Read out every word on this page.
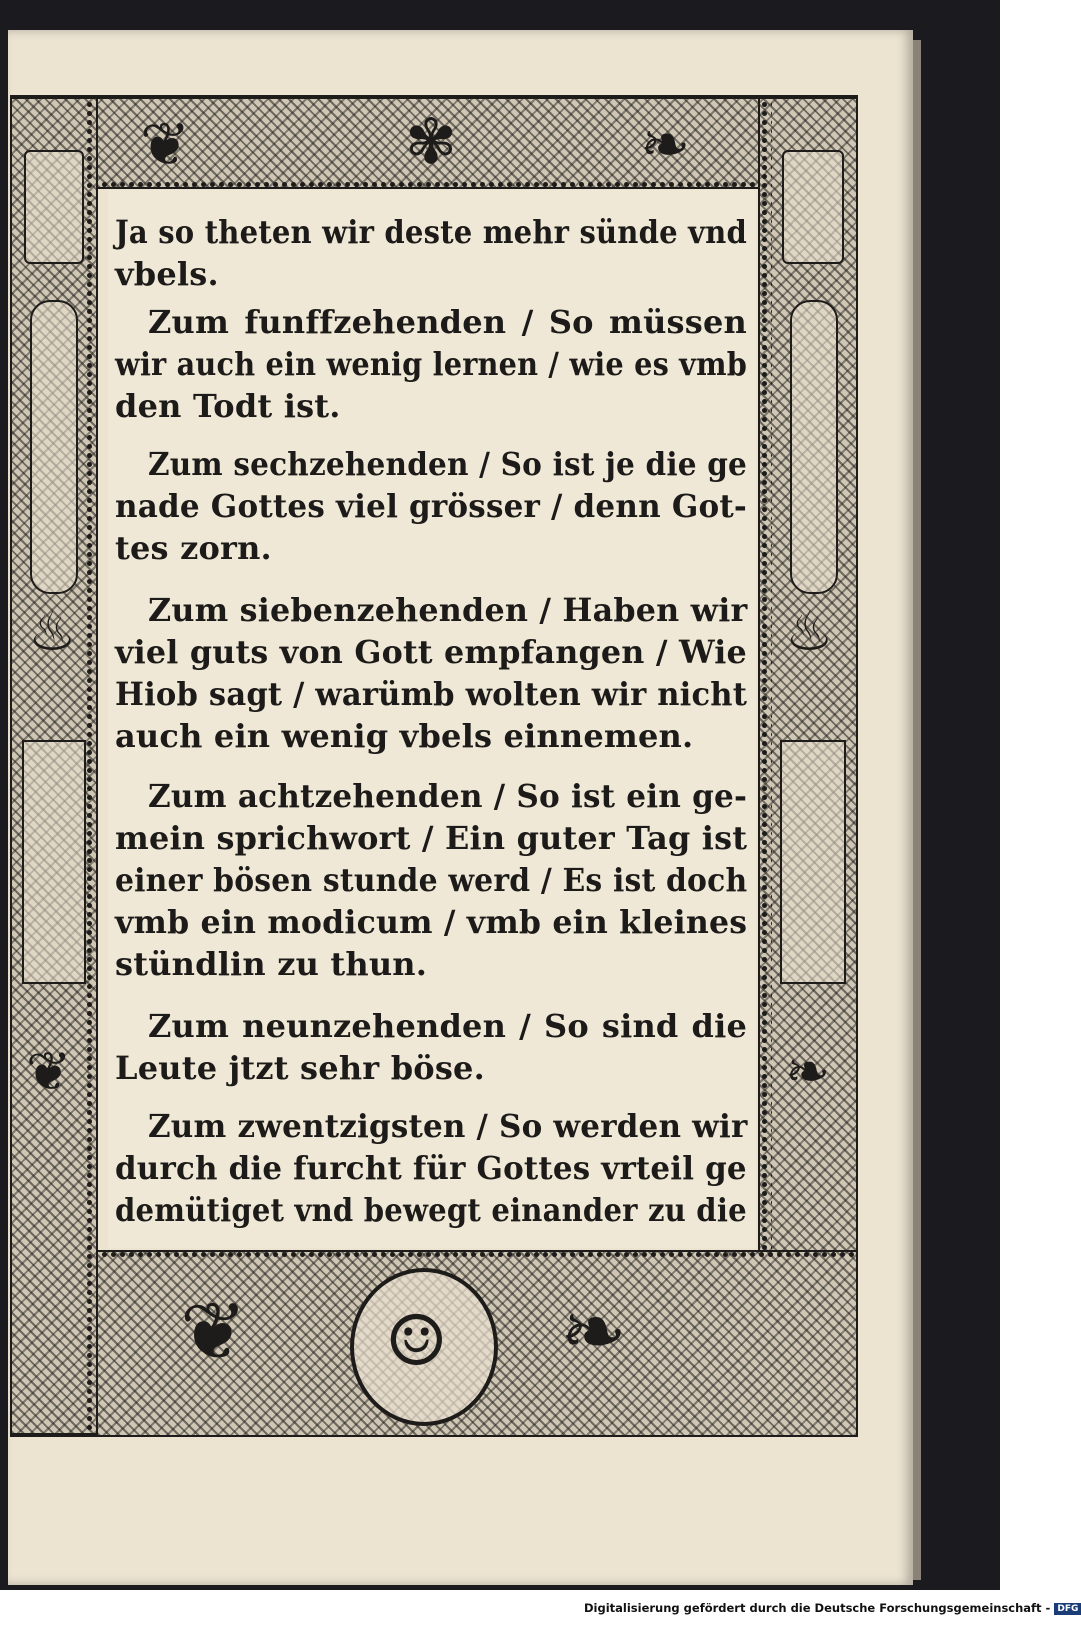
❦	✾	❧
♨
❦
♨
❧
☺
❦	❧
Ja so theten wir deste mehr sünde vnd
vbels.
Zum funffzehenden / So müssen
wir auch ein wenig lernen / wie es vmb
den Todt ist.
Zum sechzehenden / So ist je die ge
nade Gottes viel grösser / denn Got-
tes zorn.
Zum siebenzehenden / Haben wir
viel guts von Gott empfangen / Wie
Hiob sagt / warümb wolten wir nicht
auch ein wenig vbels einnemen.
Zum achtzehenden / So ist ein ge-
mein sprichwort / Ein guter Tag ist
einer bösen stunde werd / Es ist doch
vmb ein modicum / vmb ein kleines
stündlin zu thun.
Zum neunzehenden / So sind die
Leute jtzt sehr böse.
Zum zwentzigsten / So werden wir
durch die furcht für Gottes vrteil ge
demütiget vnd bewegt einander zu die
Digitalisierung gefördert durch die Deutsche Forschungsgemeinschaft - DFG
